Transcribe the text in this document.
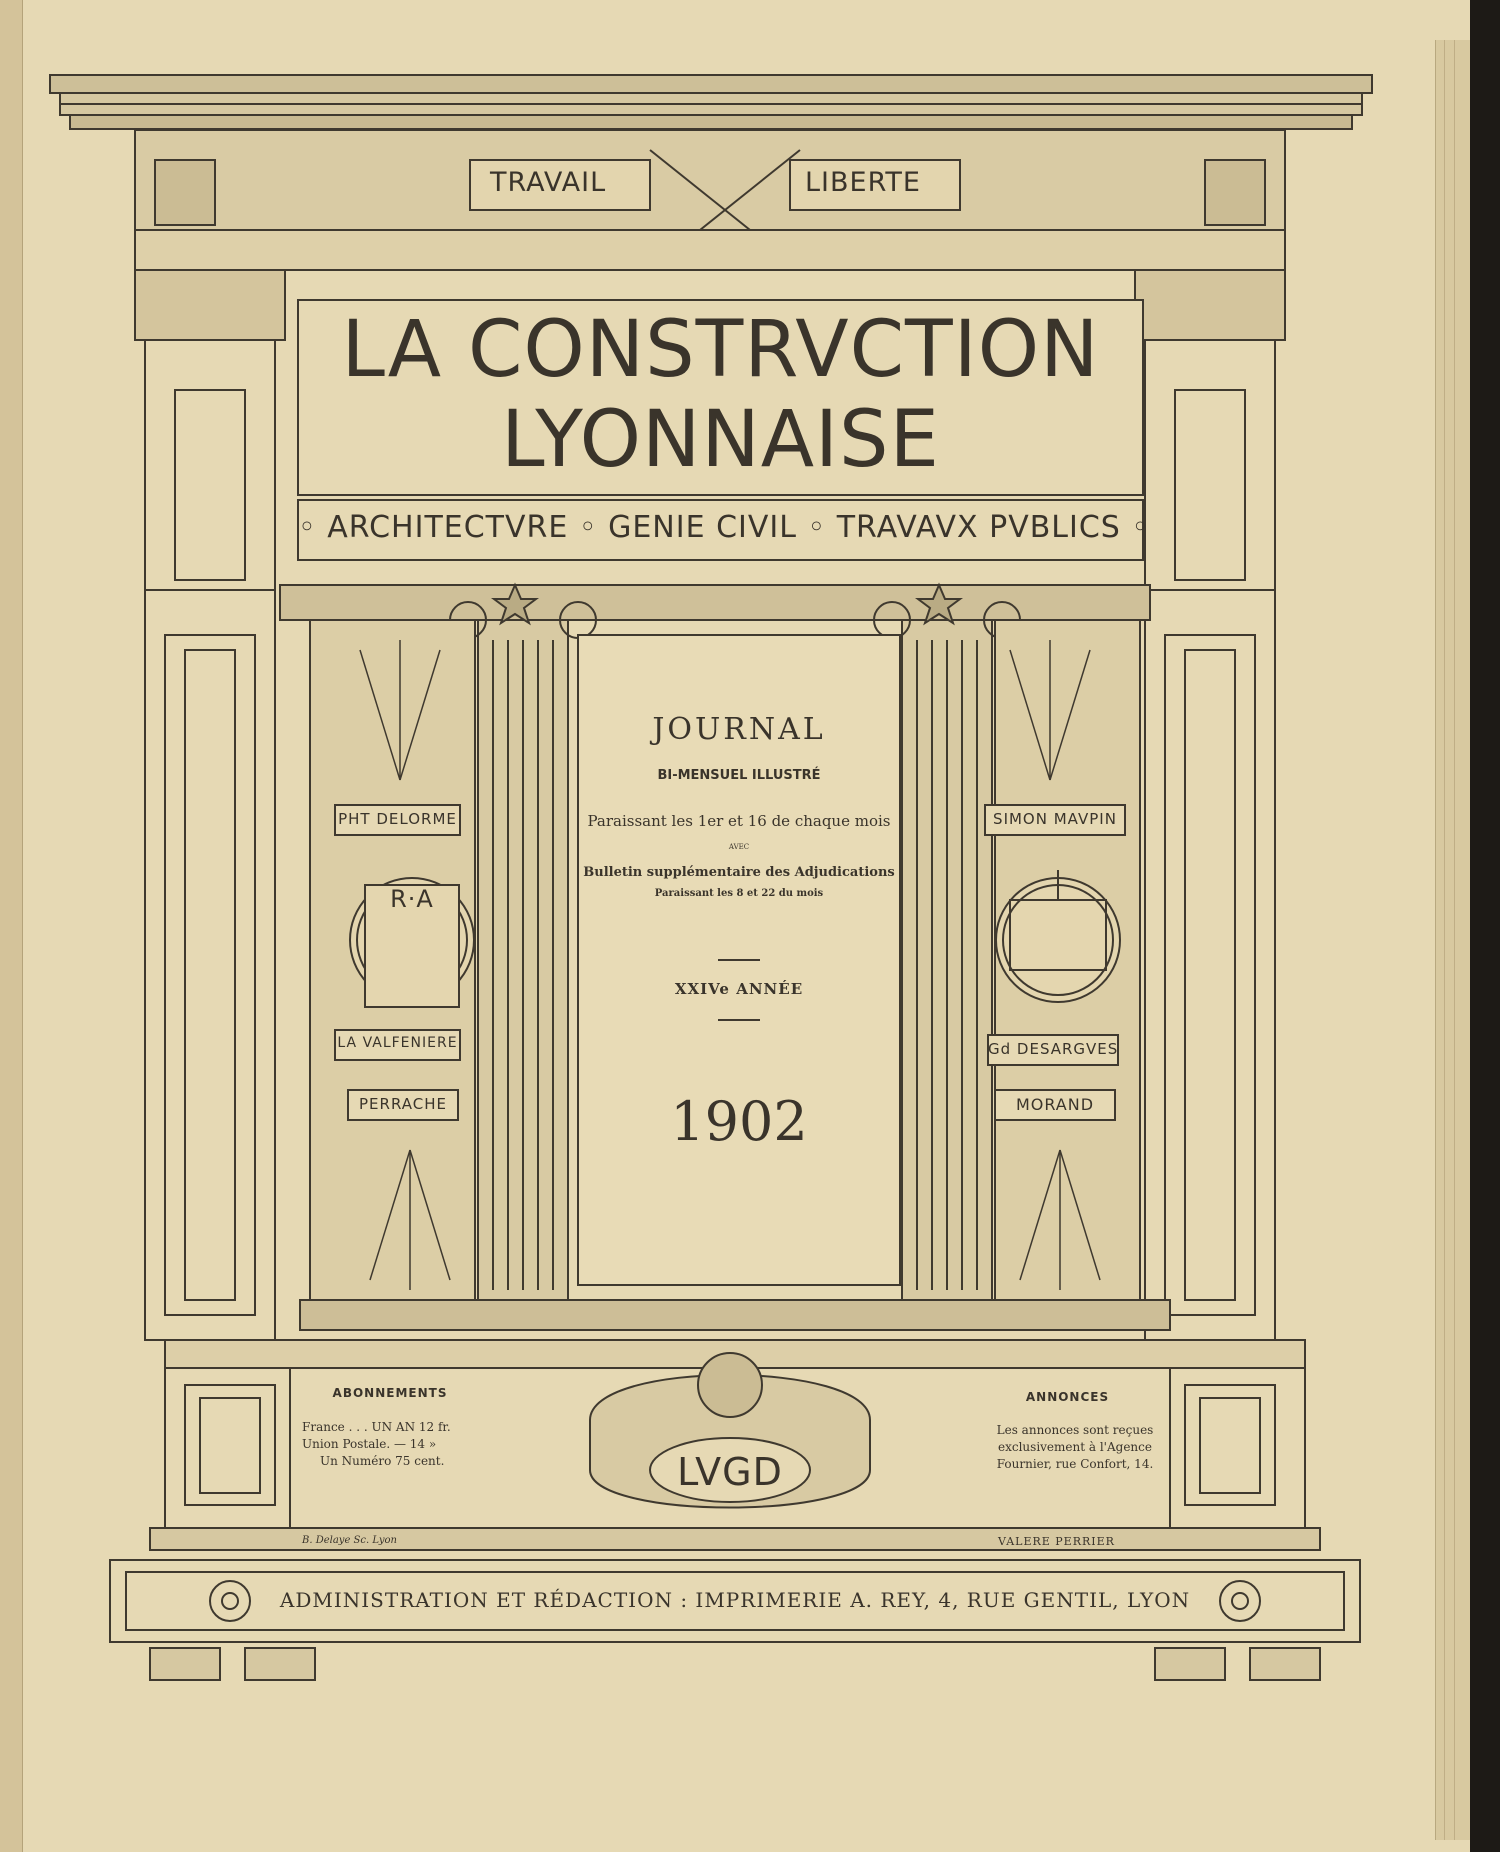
TRAVAIL	LIBERTE
LA CONSTRVCTION
LYONNAISE
◦ ARCHITECTVRE ◦ GENIE CIVIL ◦ TRAVAVX PVBLICS ◦
JOURNAL
BI-MENSUEL ILLUSTRÉ
Paraissant les 1er et 16 de chaque mois
AVEC
Bulletin supplémentaire des Adjudications
Paraissant les 8 et 22 du mois
XXIVe ANNÉE
1902
PHT DELORME
R·A
LA VALFENIERE
PERRACHE
SIMON MAVPIN
Gd DESARGVES
MORAND
ABONNEMENTS
France . . . UN AN 12 fr.
Union Postale. — 14 »
Un Numéro 75 cent.	LVGD
ANNONCES
Les annonces sont reçues
exclusivement à l'Agence
Fournier, rue Confort, 14.
B. Delaye Sc. Lyon	VALERE PERRIER
ADMINISTRATION ET RÉDACTION : IMPRIMERIE A. REY, 4, RUE GENTIL, LYON
